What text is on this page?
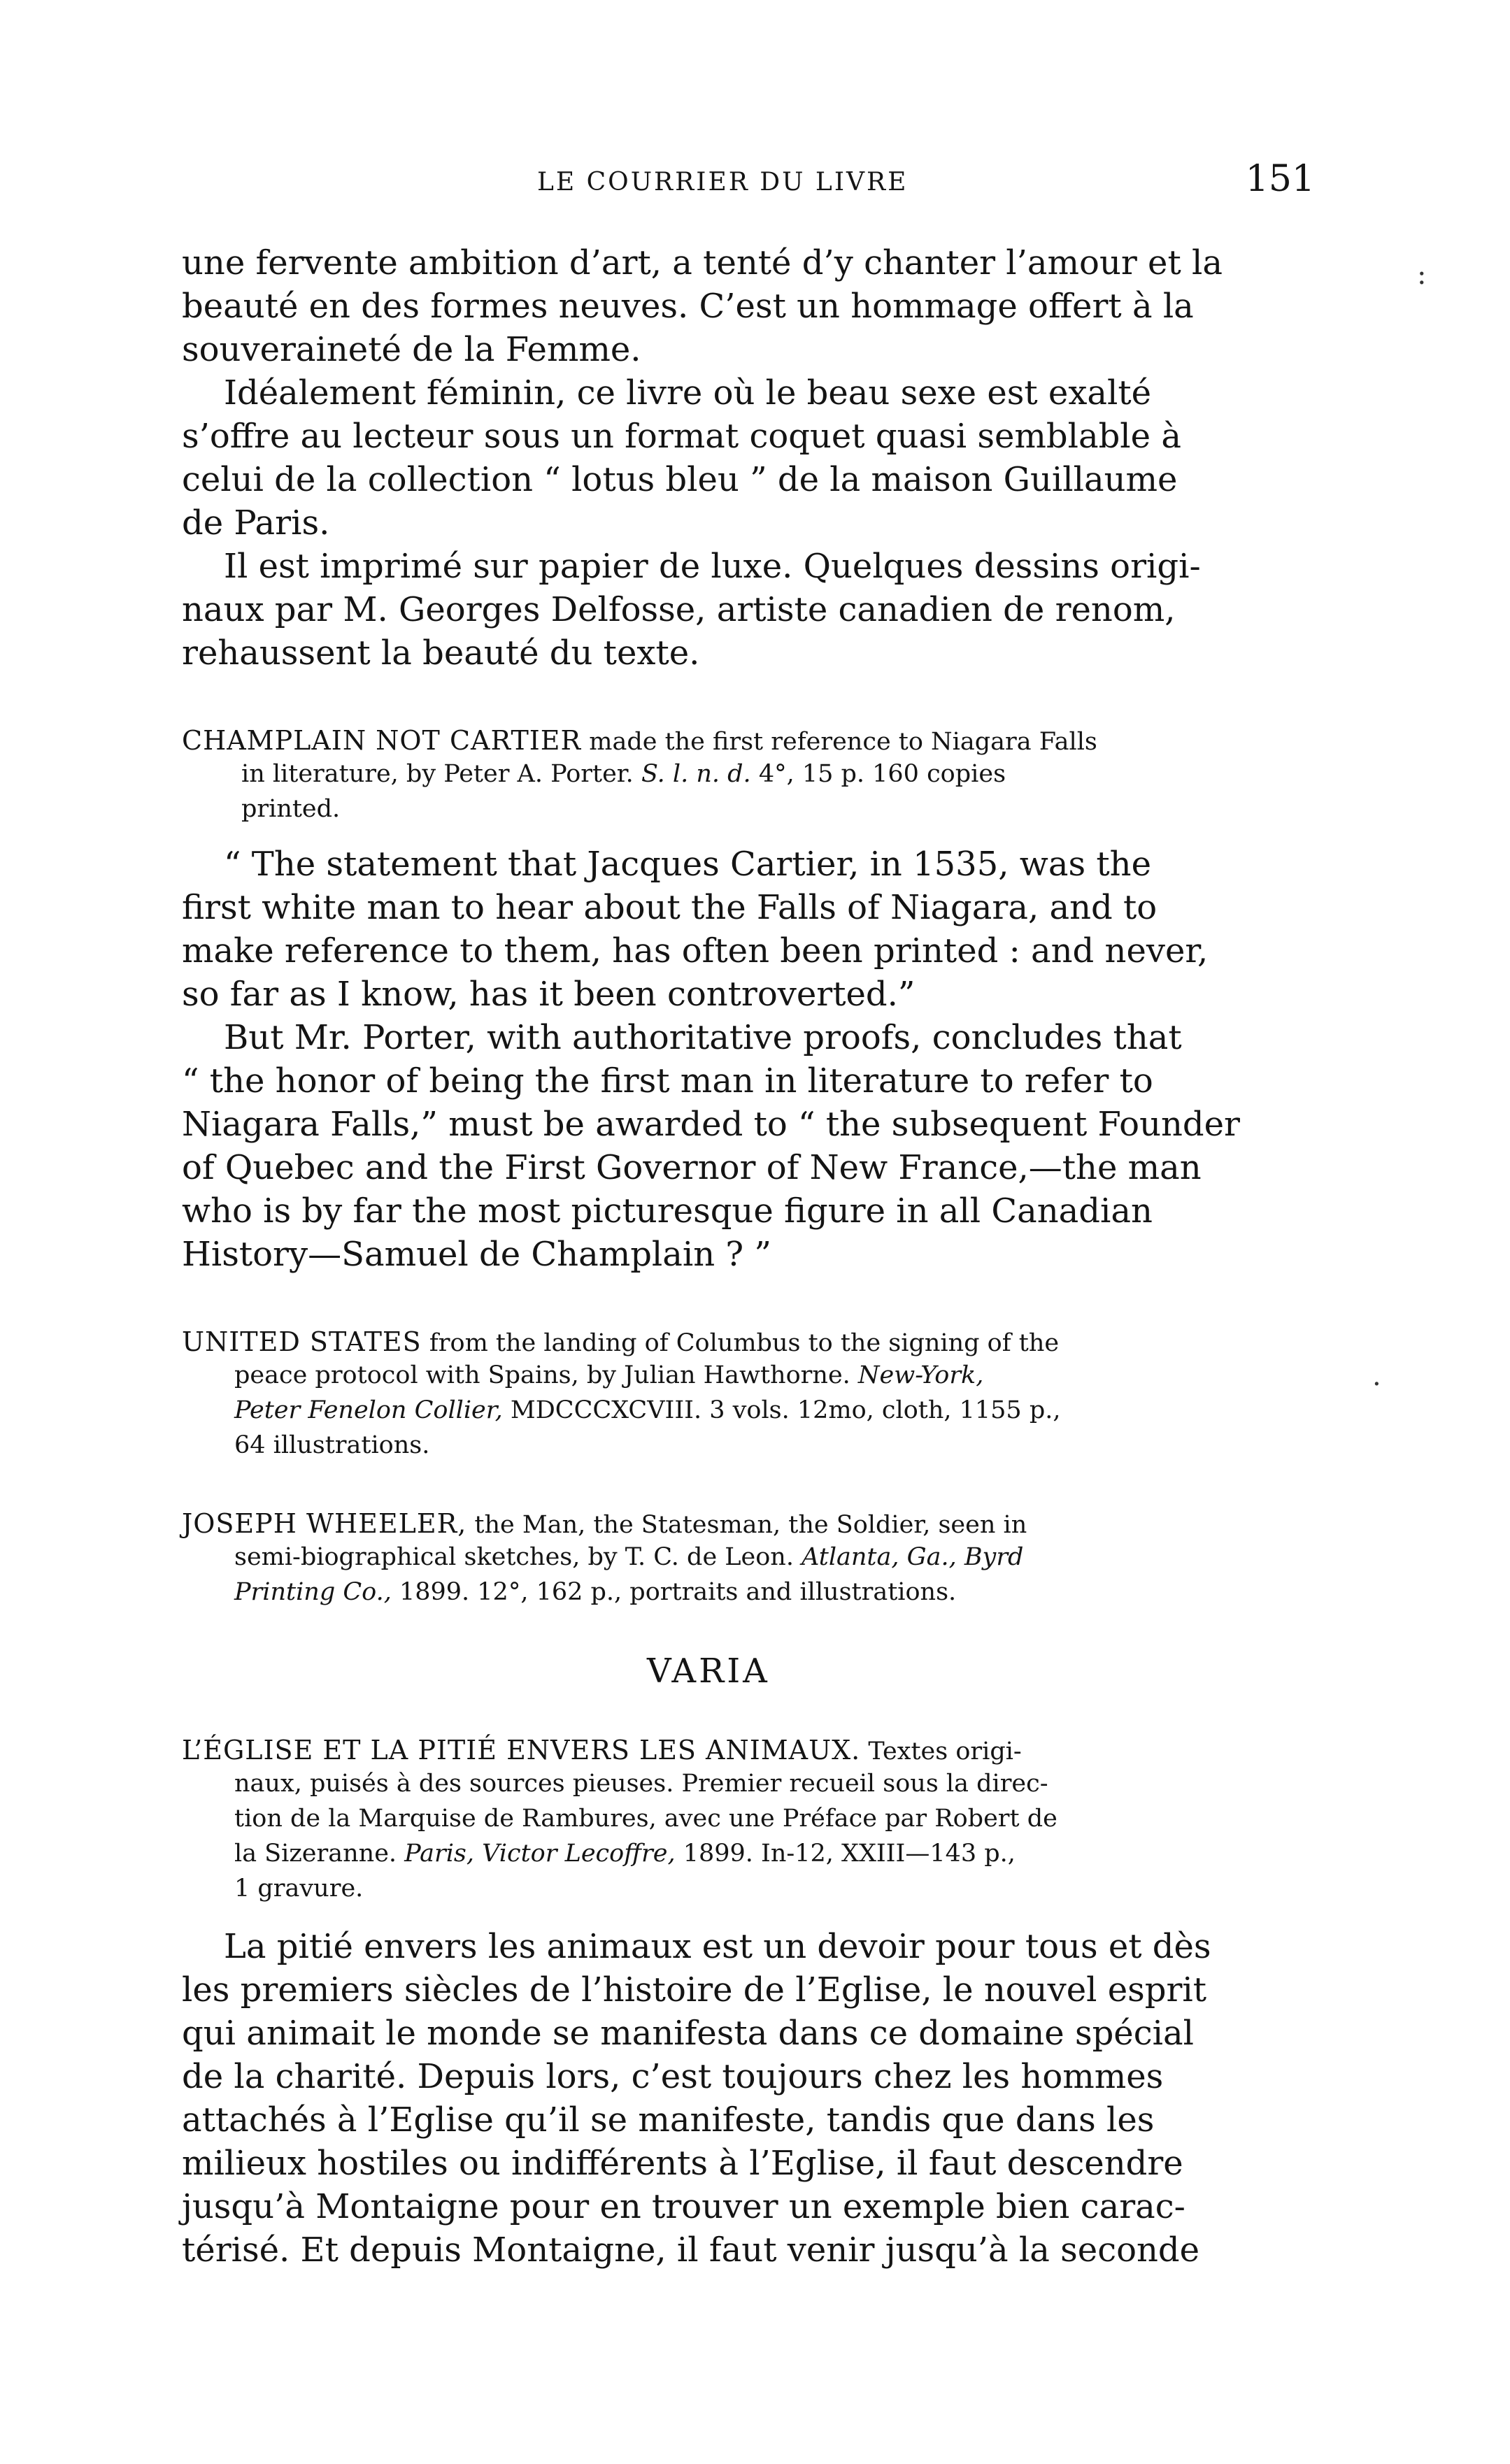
LE COURRIER DU LIVRE	151
:
.
une fervente ambition d’art, a tenté d’y chanter l’amour et la
beauté en des formes neuves. C’est un hommage offert à la
souveraineté de la Femme.
Idéalement féminin, ce livre où le beau sexe est exalté
s’offre au lecteur sous un format coquet quasi semblable à
celui de la collection “ lotus bleu ” de la maison Guillaume
de Paris.
Il est imprimé sur papier de luxe. Quelques dessins origi-
naux par M. Georges Delfosse, artiste canadien de renom,
rehaussent la beauté du texte.
CHAMPLAIN NOT CARTIER made the first reference to Niagara Falls
in literature, by Peter A. Porter. S. l. n. d. 4°, 15 p. 160 copies
printed.
“ The statement that Jacques Cartier, in 1535, was the
first white man to hear about the Falls of Niagara, and to
make reference to them, has often been printed : and never,
so far as I know, has it been controverted.”
But Mr. Porter, with authoritative proofs, concludes that
“ the honor of being the first man in literature to refer to
Niagara Falls,” must be awarded to “ the subsequent Founder
of Quebec and the First Governor of New France,—the man
who is by far the most picturesque figure in all Canadian
History—Samuel de Champlain ? ”
UNITED STATES from the landing of Columbus to the signing of the
peace protocol with Spains, by Julian Hawthorne. New-York,
Peter Fenelon Collier, MDCCCXCVIII. 3 vols. 12mo, cloth, 1155 p.,
64 illustrations.
JOSEPH WHEELER, the Man, the Statesman, the Soldier, seen in
semi-biographical sketches, by T. C. de Leon. Atlanta, Ga., Byrd
Printing Co., 1899. 12°, 162 p., portraits and illustrations.
VARIA
L’ÉGLISE ET LA PITIÉ ENVERS LES ANIMAUX. Textes origi-
naux, puisés à des sources pieuses. Premier recueil sous la direc-
tion de la Marquise de Rambures, avec une Préface par Robert de
la Sizeranne. Paris, Victor Lecoffre, 1899. In-12, XXIII—143 p.,
1 gravure.
La pitié envers les animaux est un devoir pour tous et dès
les premiers siècles de l’histoire de l’Eglise, le nouvel esprit
qui animait le monde se manifesta dans ce domaine spécial
de la charité. Depuis lors, c’est toujours chez les hommes
attachés à l’Eglise qu’il se manifeste, tandis que dans les
milieux hostiles ou indifférents à l’Eglise, il faut descendre
jusqu’à Montaigne pour en trouver un exemple bien carac-
térisé. Et depuis Montaigne, il faut venir jusqu’à la seconde
